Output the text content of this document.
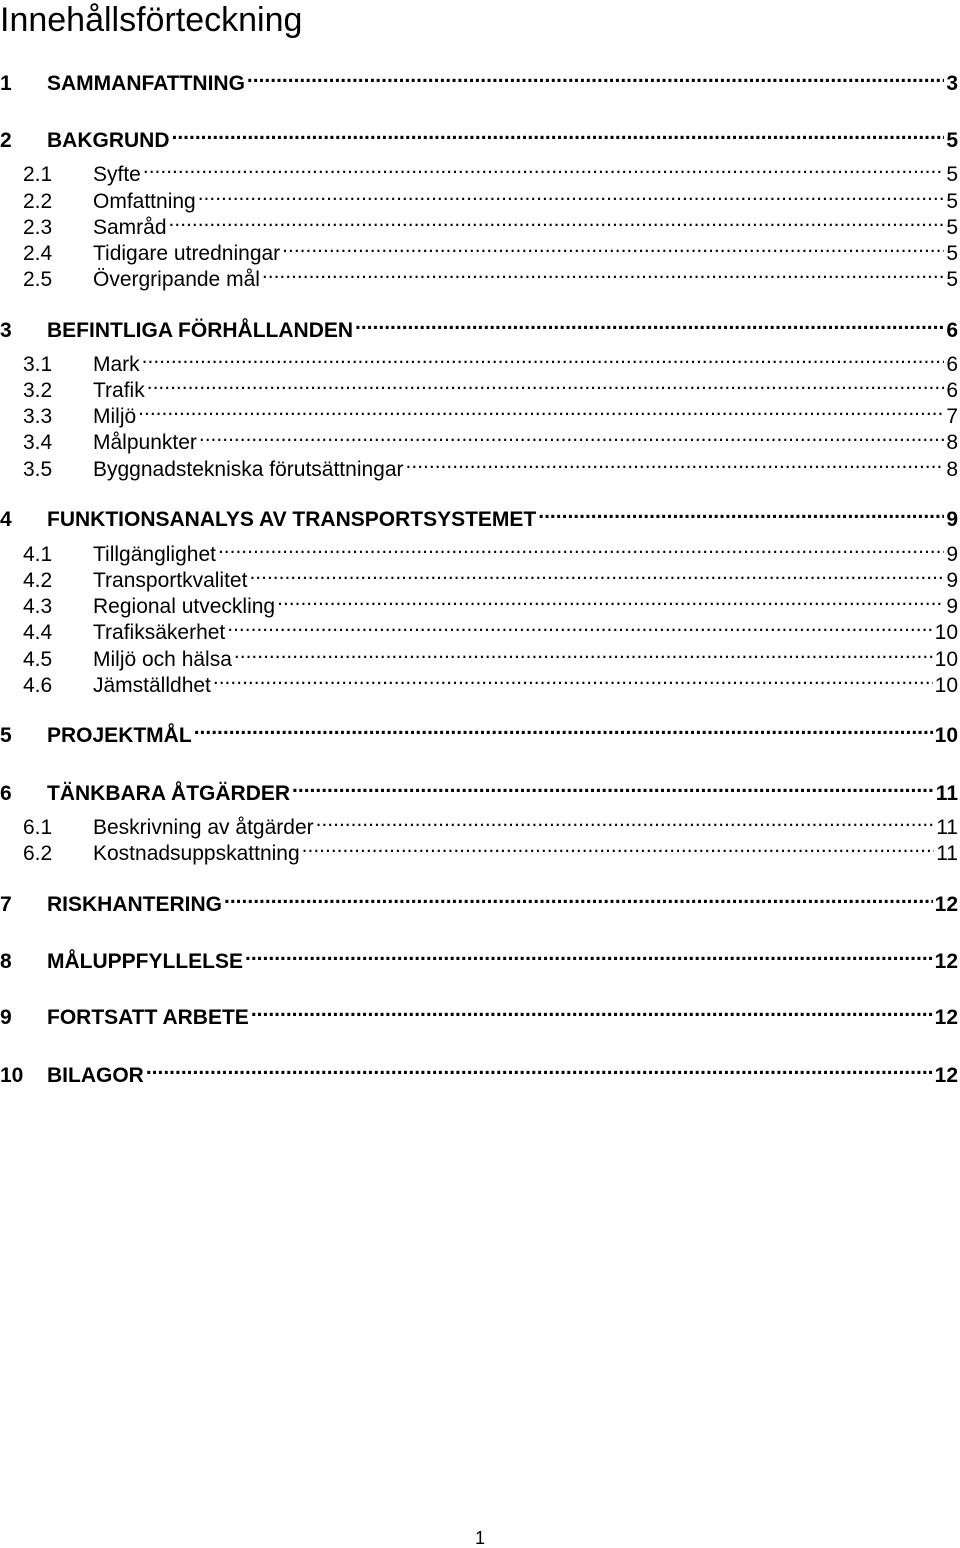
Innehållsförteckning
1	SAMMANFATTNING .....	3
2	BAKGRUND .....	5
2.1	Syfte .....	5
2.2	Omfattning .....	5
2.3	Samråd .....	5
2.4	Tidigare utredningar .....	5
2.5	Övergripande mål .....	5
3	BEFINTLIGA FÖRHÅLLANDEN .....	6
3.1	Mark .....	6
3.2	Trafik .....	6
3.3	Miljö .....	7
3.4	Målpunkter .....	8
3.5	Byggnadstekniska förutsättningar .....	8
4	FUNKTIONSANALYS AV TRANSPORTSYSTEMET .....	9
4.1	Tillgänglighet .....	9
4.2	Transportkvalitet .....	9
4.3	Regional utveckling .....	9
4.4	Trafiksäkerhet .....	10
4.5	Miljö och hälsa .....	10
4.6	Jämställdhet .....	10
5	PROJEKTMÅL .....	10
6	TÄNKBARA ÅTGÄRDER .....	11
6.1	Beskrivning av åtgärder .....	11
6.2	Kostnadsuppskattning .....	11
7	RISKHANTERING .....	12
8	MÅLUPPFYLLELSE .....	12
9	FORTSATT ARBETE .....	12
10	BILAGOR .....	12
1
